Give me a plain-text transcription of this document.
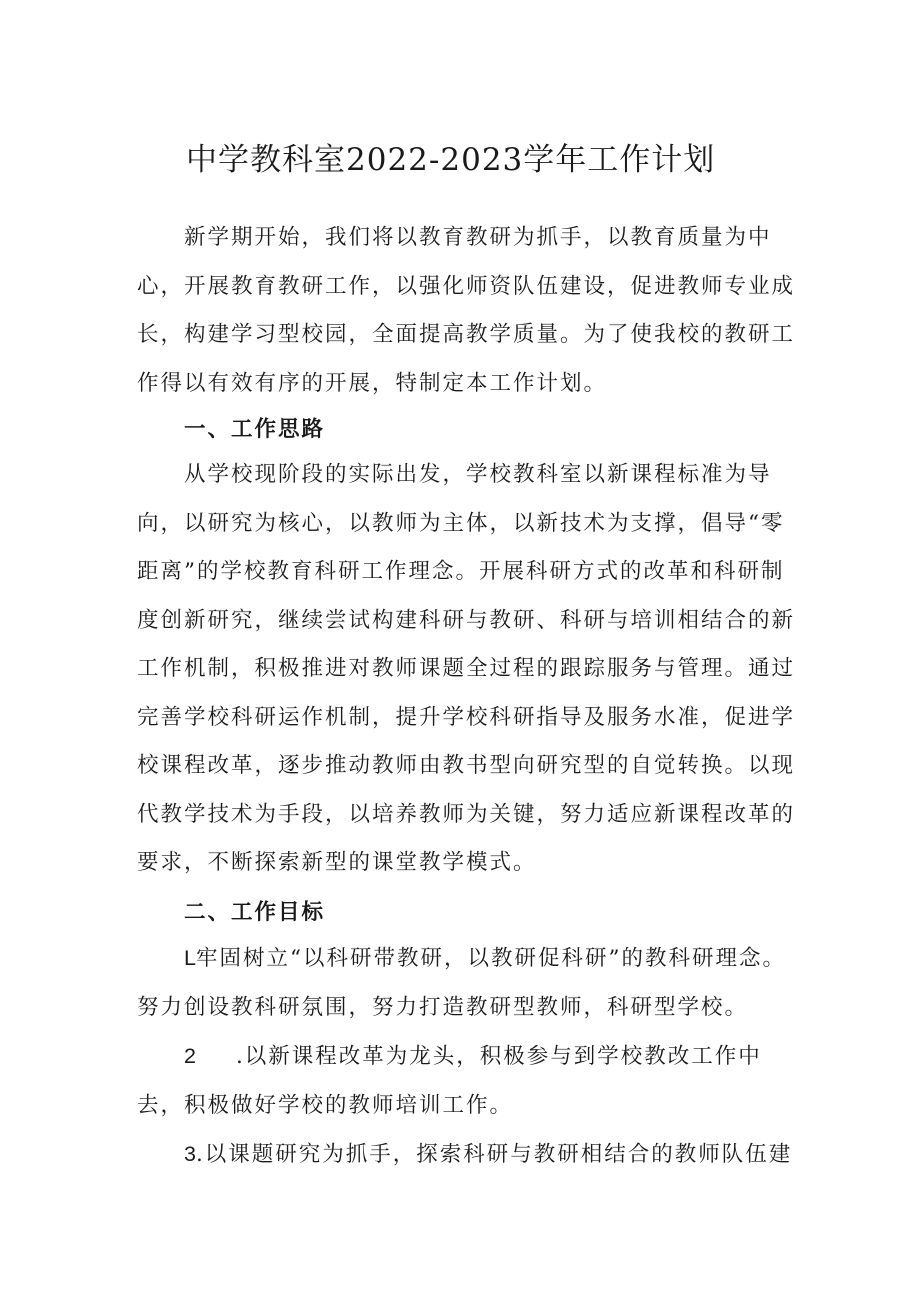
中学教科室2022-2023学年工作计划

新学期开始，我们将以教育教研为抓手，以教育质量为中心，开展教育教研工作，以强化师资队伍建设，促进教师专业成长，构建学习型校园，全面提高教学质量。为了使我校的教研工作得以有效有序的开展，特制定本工作计划。

一、工作思路

从学校现阶段的实际出发，学校教科室以新课程标准为导向，以研究为核心，以教师为主体，以新技术为支撑，倡导“零距离”的学校教育科研工作理念。开展科研方式的改革和科研制度创新研究，继续尝试构建科研与教研、科研与培训相结合的新工作机制，积极推进对教师课题全过程的跟踪服务与管理。通过完善学校科研运作机制，提升学校科研指导及服务水准，促进学校课程改革，逐步推动教师由教书型向研究型的自觉转换。以现代教学技术为手段，以培养教师为关键，努力适应新课程改革的要求，不断探索新型的课堂教学模式。

二、工作目标

L牢固树立“以科研带教研，以教研促科研”的教科研理念。努力创设教科研氛围，努力打造教研型教师，科研型学校。

2 .以新课程改革为龙头，积极参与到学校教改工作中去，积极做好学校的教师培训工作。

3.以课题研究为抓手，探索科研与教研相结合的教师队伍建
